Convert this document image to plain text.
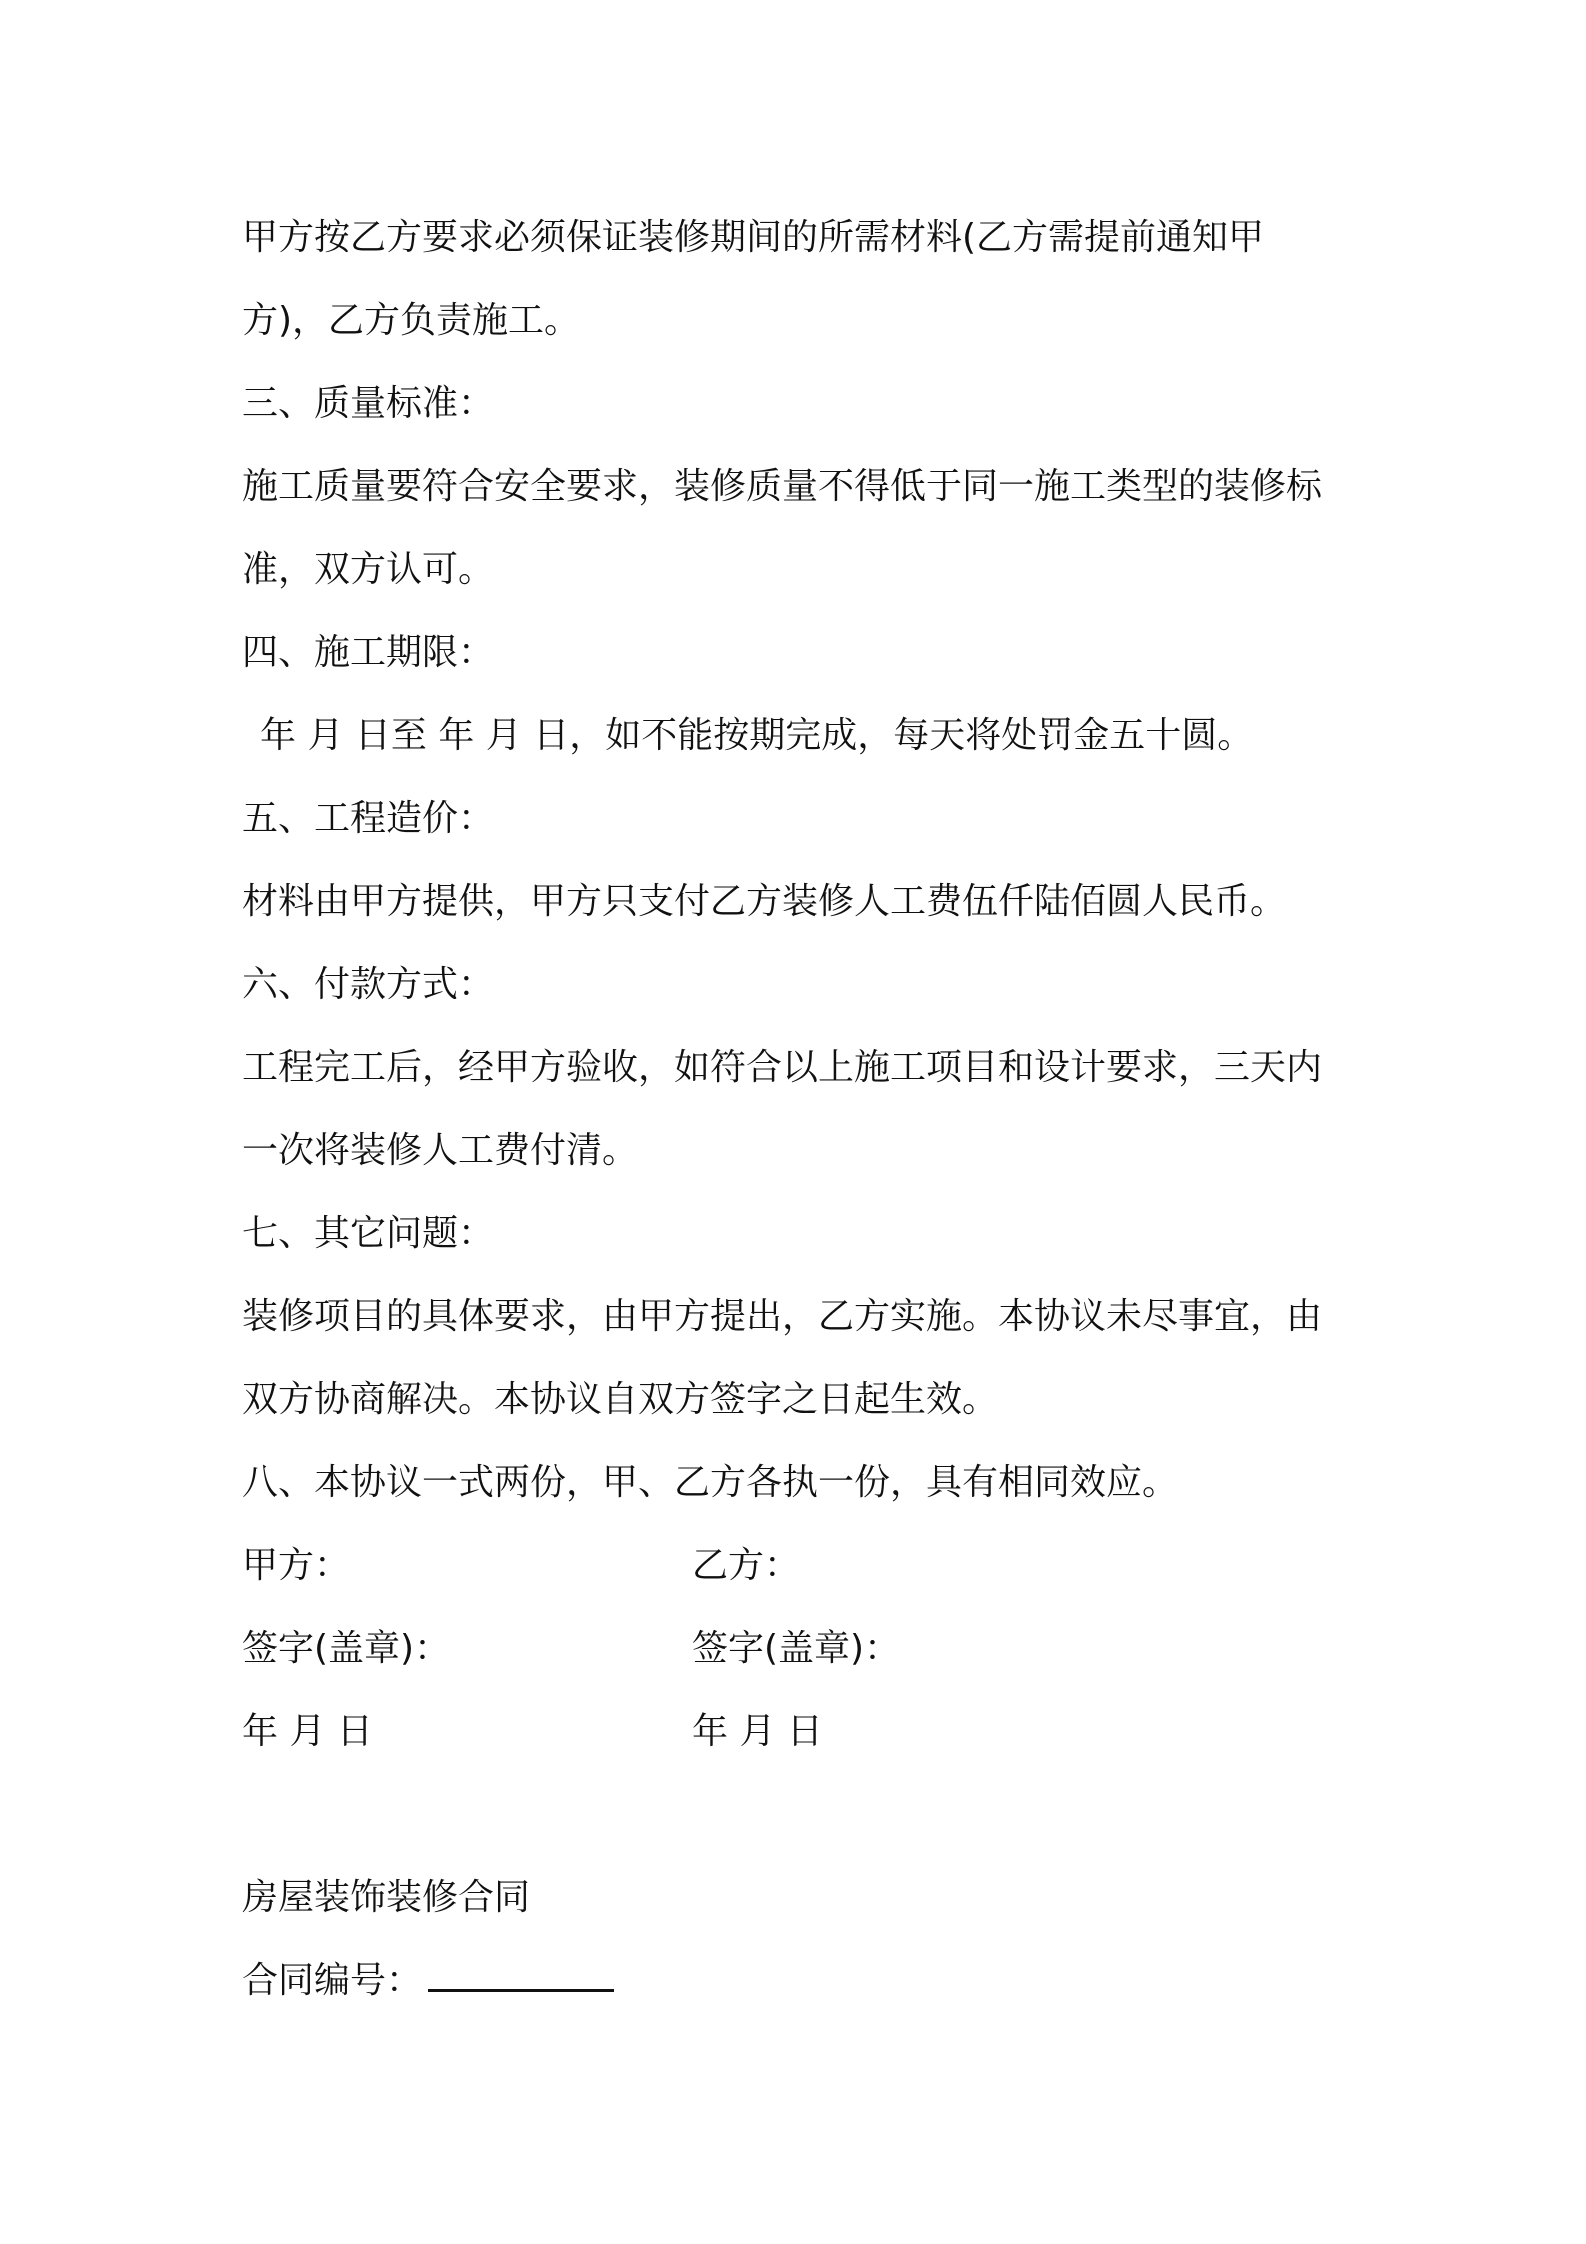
甲方按乙方要求必须保证装修期间的所需材料(乙方需提前通知甲
方)，乙方负责施工。
三、质量标准：
施工质量要符合安全要求，装修质量不得低于同一施工类型的装修标
准，双方认可。
四、施工期限：
年 月 日至 年 月 日，如不能按期完成，每天将处罚金五十圆。
五、工程造价：
材料由甲方提供，甲方只支付乙方装修人工费伍仟陆佰圆人民币。
六、付款方式：
工程完工后，经甲方验收，如符合以上施工项目和设计要求，三天内
一次将装修人工费付清。
七、其它问题：
装修项目的具体要求，由甲方提出，乙方实施。本协议未尽事宜，由
双方协商解决。本协议自双方签字之日起生效。
八、本协议一式两份，甲、乙方各执一份，具有相同效应。
甲方：	乙方：
签字(盖章)：	签字(盖章)：
年 月 日	年 月 日
房屋装饰装修合同
合同编号：
